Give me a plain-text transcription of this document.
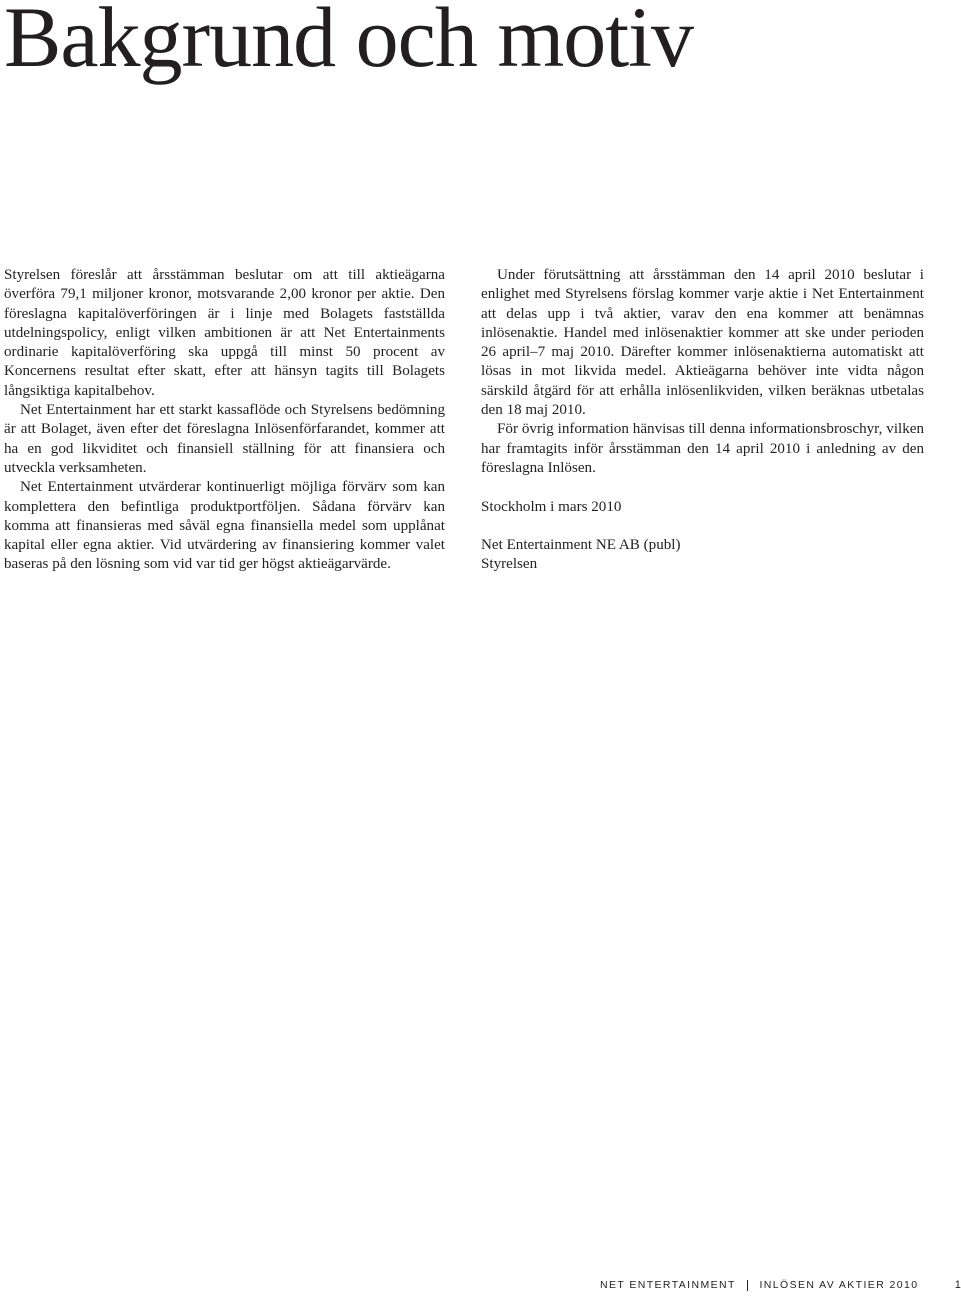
Bakgrund och motiv

Styrelsen föreslår att årsstämman beslutar om att till aktieägarna överföra 79,1 miljoner kronor, motsvarande 2,00 kronor per aktie. Den föreslagna kapitalöverföringen är i linje med Bolagets fastställda utdelningspolicy, enligt vilken ambitionen är att Net Entertainments ordinarie kapitalöverföring ska uppgå till minst 50 procent av Koncernens resultat efter skatt, efter att hänsyn tagits till Bolagets långsiktiga kapitalbehov.

Net Entertainment har ett starkt kassaflöde och Styrelsens bedömning är att Bolaget, även efter det föreslagna Inlösenförfarandet, kommer att ha en god likviditet och finansiell ställning för att finansiera och utveckla verksamheten.

Net Entertainment utvärderar kontinuerligt möjliga förvärv som kan komplettera den befintliga produktportföljen. Sådana förvärv kan komma att finansieras med såväl egna finansiella medel som upplånat kapital eller egna aktier. Vid utvärdering av finansiering kommer valet baseras på den lösning som vid var tid ger högst aktieägarvärde.

Under förutsättning att årsstämman den 14 april 2010 beslutar i enlighet med Styrelsens förslag kommer varje aktie i Net Entertainment att delas upp i två aktier, varav den ena kommer att benämnas inlösenaktie. Handel med inlösenaktier kommer att ske under perioden 26 april–7 maj 2010. Därefter kommer inlösenaktierna automatiskt att lösas in mot likvida medel. Aktieägarna behöver inte vidta någon särskild åtgärd för att erhålla inlösenlikviden, vilken beräknas utbetalas den 18 maj 2010.

För övrig information hänvisas till denna informationsbroschyr, vilken har framtagits inför årsstämman den 14 april 2010 i anledning av den föreslagna Inlösen.

Stockholm i mars 2010

Net Entertainment NE AB (publ)

Styrelsen

NET ENTERTAINMENT INLÖSEN AV AKTIER 2010	1
